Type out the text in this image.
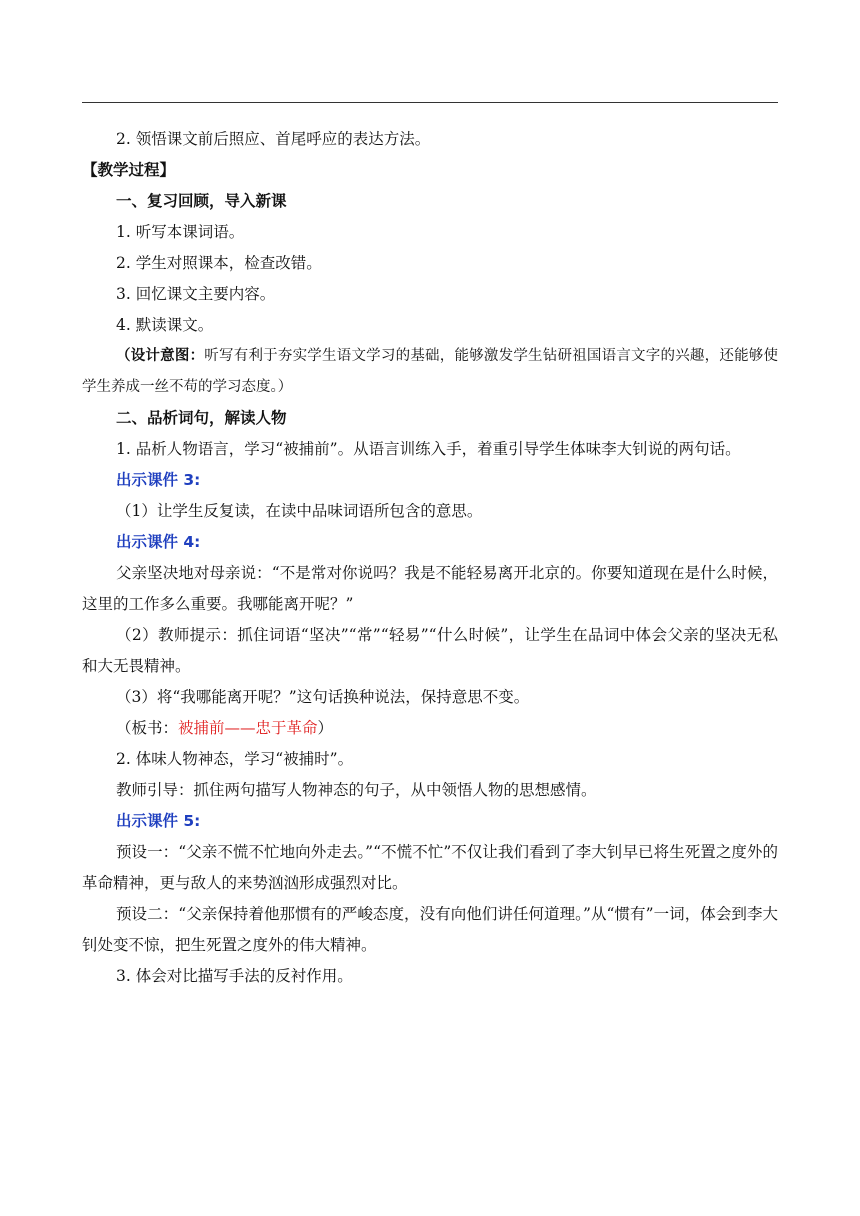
2. 领悟课文前后照应、首尾呼应的表达方法。
【教学过程】
一、复习回顾，导入新课
1. 听写本课词语。
2. 学生对照课本，检查改错。
3. 回忆课文主要内容。
4. 默读课文。
（设计意图：听写有利于夯实学生语文学习的基础，能够激发学生钻研祖国语言文字的兴趣，还能够使学生养成一丝不苟的学习态度。）
二、品析词句，解读人物
1. 品析人物语言，学习“被捕前”。从语言训练入手，着重引导学生体味李大钊说的两句话。
出示课件 3:
（1）让学生反复读，在读中品味词语所包含的意思。
出示课件 4:
父亲坚决地对母亲说：“不是常对你说吗？我是不能轻易离开北京的。你要知道现在是什么时候，这里的工作多么重要。我哪能离开呢？”
（2）教师提示：抓住词语“坚决”“常”“轻易”“什么时候”，让学生在品词中体会父亲的坚决无私和大无畏精神。
（3）将“我哪能离开呢？”这句话换种说法，保持意思不变。
（板书：被捕前——忠于革命）
2. 体味人物神态，学习“被捕时”。
教师引导：抓住两句描写人物神态的句子，从中领悟人物的思想感情。
出示课件 5:
预设一：“父亲不慌不忙地向外走去。”“不慌不忙”不仅让我们看到了李大钊早已将生死置之度外的革命精神，更与敌人的来势汹汹形成强烈对比。
预设二：“父亲保持着他那惯有的严峻态度，没有向他们讲任何道理。”从“惯有”一词，体会到李大钊处变不惊，把生死置之度外的伟大精神。
3. 体会对比描写手法的反衬作用。
